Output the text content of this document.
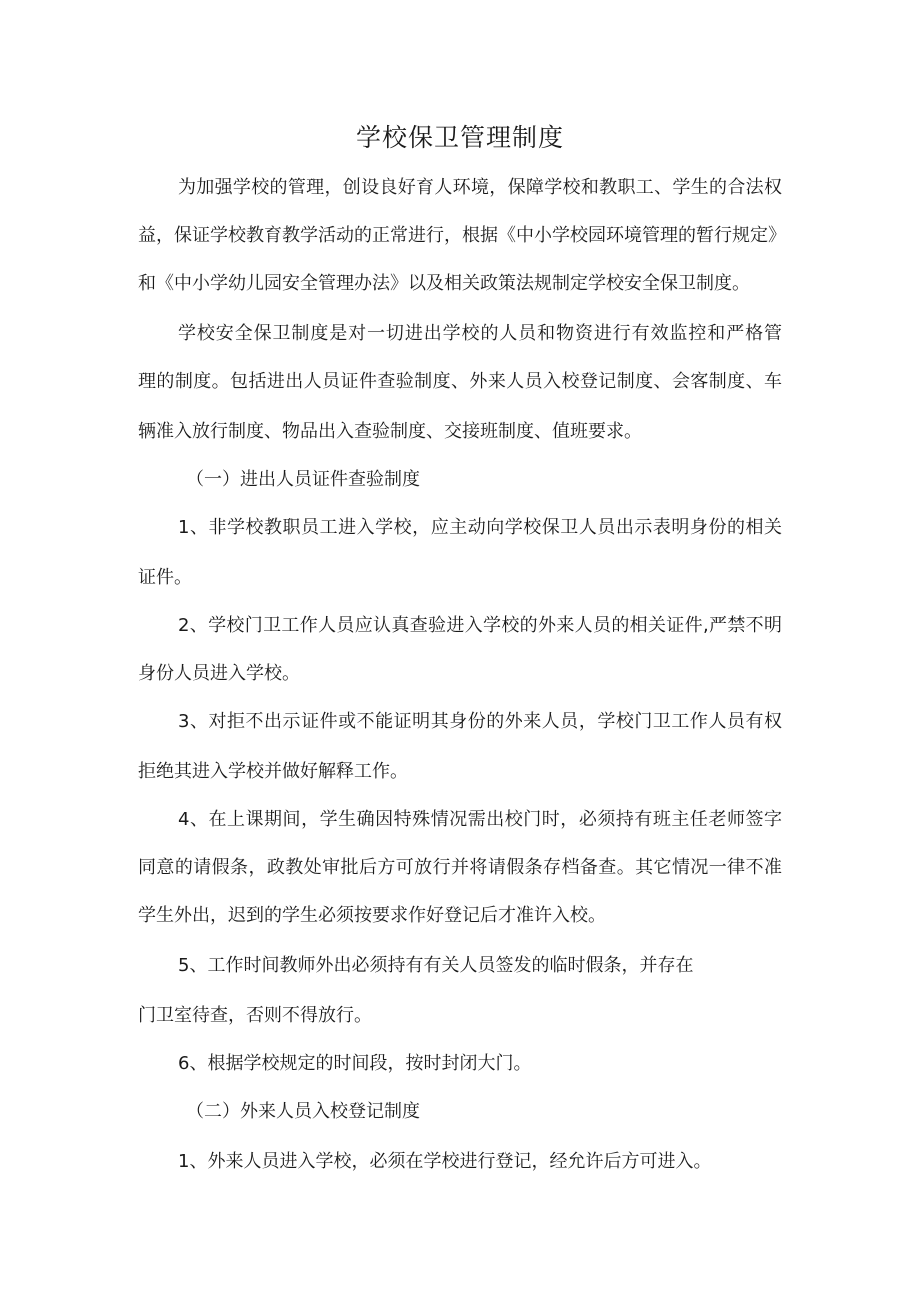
学校保卫管理制度

为加强学校的管理，创设良好育人环境，保障学校和教职工、学生的合法权

益，保证学校教育教学活动的正常进行，根据《中小学校园环境管理的暂行规定》

和《中小学幼儿园安全管理办法》以及相关政策法规制定学校安全保卫制度。

学校安全保卫制度是对一切进出学校的人员和物资进行有效监控和严格管

理的制度。包括进出人员证件查验制度、外来人员入校登记制度、会客制度、车

辆准入放行制度、物品出入查验制度、交接班制度、值班要求。

（一）进出人员证件查验制度

1、非学校教职员工进入学校，应主动向学校保卫人员出示表明身份的相关

证件。

2、学校门卫工作人员应认真查验进入学校的外来人员的相关证件,严禁不明

身份人员进入学校。

3、对拒不出示证件或不能证明其身份的外来人员，学校门卫工作人员有权

拒绝其进入学校并做好解释工作。

4、在上课期间，学生确因特殊情况需出校门时，必须持有班主任老师签字

同意的请假条，政教处审批后方可放行并将请假条存档备查。其它情况一律不准

学生外出，迟到的学生必须按要求作好登记后才准许入校。

5、工作时间教师外出必须持有有关人员签发的临时假条，并存在

门卫室待查，否则不得放行。

6、根据学校规定的时间段，按时封闭大门。

（二）外来人员入校登记制度

1、外来人员进入学校，必须在学校进行登记，经允许后方可进入。
